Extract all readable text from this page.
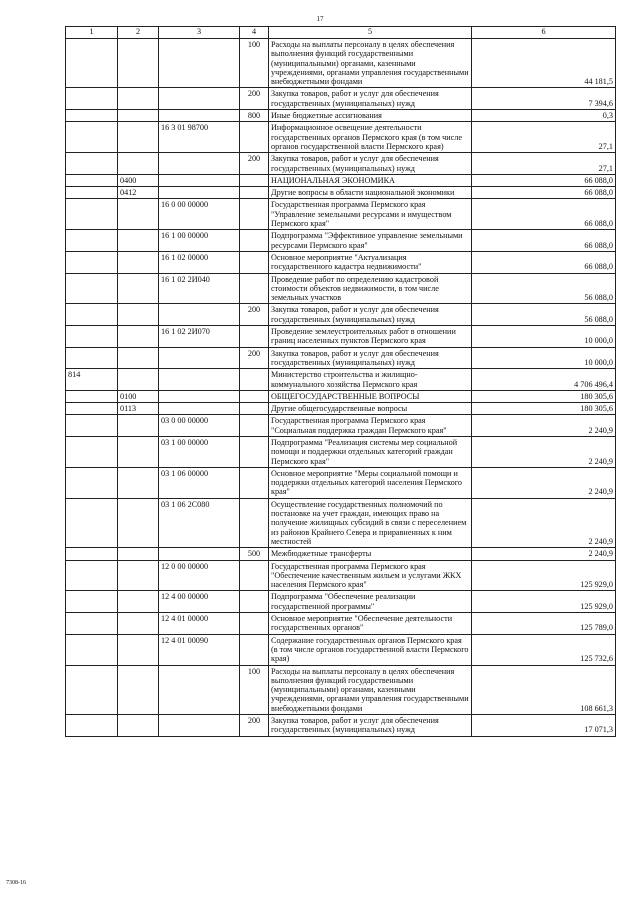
17
1	2	3	4	5	6
			100	Расходы на выплаты персоналу в целях обеспечения выполнения функций государственными (муниципальными) органами, казенными учреждениями, органами управления государственными внебюджетными фондами	44 181,5
			200	Закупка товаров, работ и услуг для обеспечения государственных (муниципальных) нужд	7 394,6
			800	Иные бюджетные ассигнования	0,3
		16 3 01 98700		Информационное освещение деятельности государственных органов Пермского края (в том числе органов государственной власти Пермского края)	27,1
			200	Закупка товаров, работ и услуг для обеспечения государственных (муниципальных) нужд	27,1
	0400			НАЦИОНАЛЬНАЯ ЭКОНОМИКА	66 088,0
	0412			Другие вопросы в области национальной экономики	66 088,0
		16 0 00 00000		Государственная программа Пермского края "Управление земельными ресурсами и имуществом Пермского края"	66 088,0
		16 1 00 00000		Подпрограмма "Эффективное управление земельными ресурсами Пермского края"	66 088,0
		16 1 02 00000		Основное мероприятие "Актуализация государственного кадастра недвижимости"	66 088,0
		16 1 02 2И040		Проведение работ по определению кадастровой стоимости объектов недвижимости, в том числе земельных участков	56 088,0
			200	Закупка товаров, работ и услуг для обеспечения государственных (муниципальных) нужд	56 088,0
		16 1 02 2И070		Проведение землеустроительных работ в отношении границ населенных пунктов Пермского края	10 000,0
			200	Закупка товаров, работ и услуг для обеспечения государственных (муниципальных) нужд	10 000,0
814				Министерство строительства и жилищно-коммунального хозяйства Пермского края	4 706 496,4
	0100			ОБЩЕГОСУДАРСТВЕННЫЕ ВОПРОСЫ	180 305,6
	0113			Другие общегосударственные вопросы	180 305,6
		03 0 00 00000		Государственная программа Пермского края "Социальная поддержка граждан Пермского края"	2 240,9
		03 1 00 00000		Подпрограмма "Реализация системы мер социальной помощи и поддержки отдельных категорий граждан Пермского края"	2 240,9
		03 1 06 00000		Основное мероприятие "Меры социальной помощи и поддержки отдельных категорий населения Пермского края"	2 240,9
		03 1 06 2С080		Осуществление государственных полномочий по постановке на учет граждан, имеющих право на получение жилищных субсидий в связи с переселением из районов Крайнего Севера и приравненных к ним местностей	2 240,9
			500	Межбюджетные трансферты	2 240,9
		12 0 00 00000		Государственная программа Пермского края "Обеспечение качественным жильем и услугами ЖКХ населения Пермского края"	125 929,0
		12 4 00 00000		Подпрограмма "Обеспечение реализации государственной программы"	125 929,0
		12 4 01 00000		Основное мероприятие "Обеспечение деятельности государственных органов"	125 789,0
		12 4 01 00090		Содержание государственных органов Пермского края (в том числе органов государственной власти Пермского края)	125 732,6
			100	Расходы на выплаты персоналу в целях обеспечения выполнения функций государственными (муниципальными) органами, казенными учреждениями, органами управления государственными внебюджетными фондами	108 661,3
			200	Закупка товаров, работ и услуг для обеспечения государственных (муниципальных) нужд	17 071,3
7308-16
